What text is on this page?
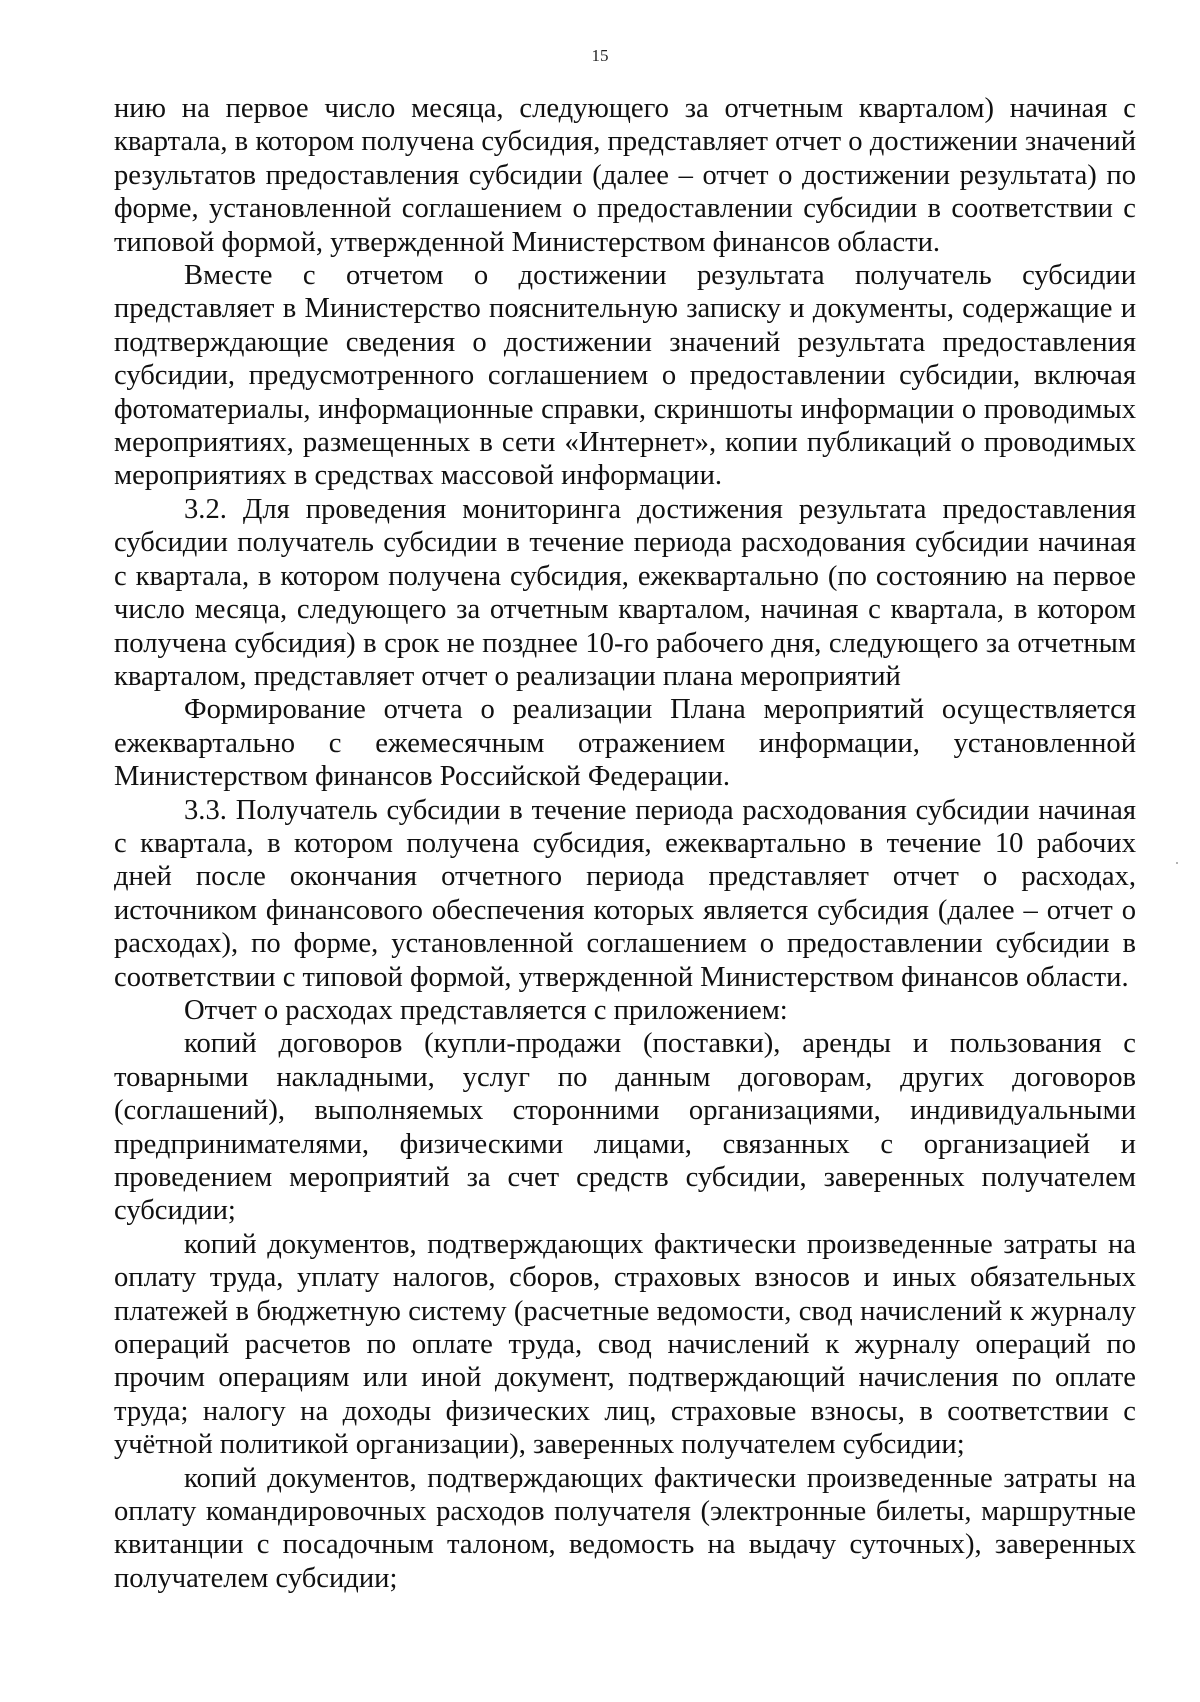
15

нию на первое число месяца, следующего за отчетным кварталом) начиная с квартала, в котором получена субсидия, представляет отчет о достижении значений результатов предоставления субсидии (далее – отчет о достижении результата) по форме, установленной соглашением о предоставлении субсидии в соответствии с типовой формой, утвержденной Министерством финансов области.

Вместе с отчетом о достижении результата получатель субсидии представляет в Министерство пояснительную записку и документы, содержащие и подтверждающие сведения о достижении значений результата предоставления субсидии, предусмотренного соглашением о предоставлении субсидии, включая фотоматериалы, информационные справки, скриншоты информации о проводимых мероприятиях, размещенных в сети «Интернет», копии публикаций о проводимых мероприятиях в средствах массовой информации.

3.2. Для проведения мониторинга достижения результата предоставления субсидии получатель субсидии в течение периода расходования субсидии начиная с квартала, в котором получена субсидия, ежеквартально (по состоянию на первое число месяца, следующего за отчетным кварталом, начиная с квартала, в котором получена субсидия) в срок не позднее 10-го рабочего дня, следующего за отчетным кварталом, представляет отчет о реализации плана мероприятий

Формирование отчета о реализации Плана мероприятий осуществляется ежеквартально с ежемесячным отражением информации, установленной Министерством финансов Российской Федерации.

3.3. Получатель субсидии в течение периода расходования субсидии начиная с квартала, в котором получена субсидия, ежеквартально в течение 10 рабочих дней после окончания отчетного периода представляет отчет о расходах, источником финансового обеспечения которых является субсидия (далее – отчет о расходах), по форме, установленной соглашением о предоставлении субсидии в соответствии с типовой формой, утвержденной Министерством финансов области.

Отчет о расходах представляется с приложением:

копий договоров (купли-продажи (поставки), аренды и пользования с товарными накладными, услуг по данным договорам, других договоров (соглашений), выполняемых сторонними организациями, индивидуальными предпринимателями, физическими лицами, связанных с организацией и проведением мероприятий за счет средств субсидии, заверенных получателем субсидии;

копий документов, подтверждающих фактически произведенные затраты на оплату труда, уплату налогов, сборов, страховых взносов и иных обязательных платежей в бюджетную систему (расчетные ведомости, свод начислений к журналу операций расчетов по оплате труда, свод начислений к журналу операций по прочим операциям или иной документ, подтверждающий начисления по оплате труда; налогу на доходы физических лиц, страховые взносы, в соответствии с учётной политикой организации), заверенных получателем субсидии;

копий документов, подтверждающих фактически произведенные затраты на оплату командировочных расходов получателя (электронные билеты, маршрутные квитанции с посадочным талоном, ведомость на выдачу суточных), заверенных получателем субсидии;
